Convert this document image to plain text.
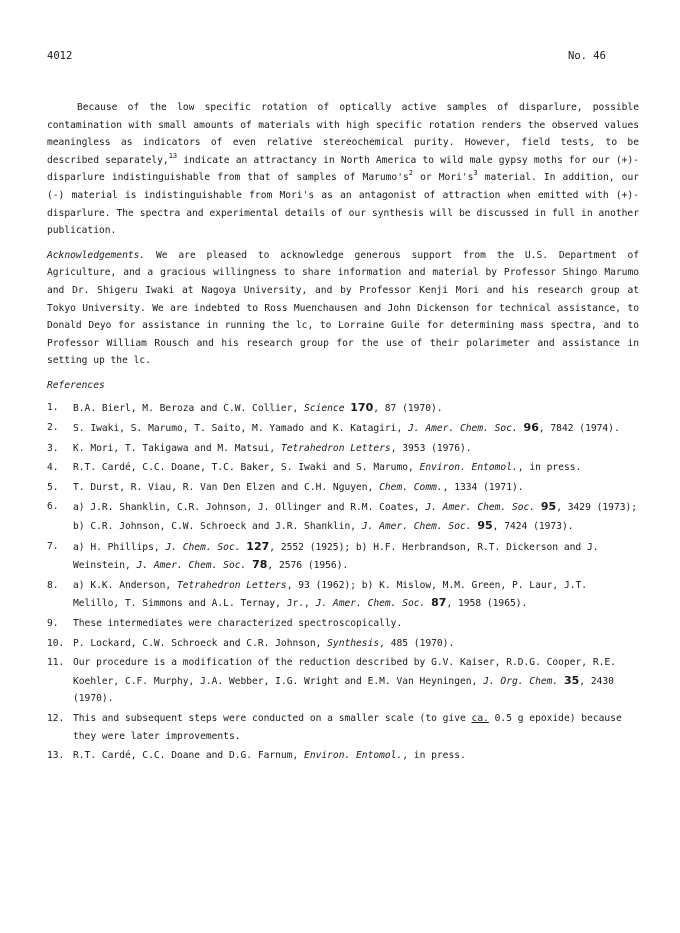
4012	No. 46

Because of the low specific rotation of optically active samples of disparlure, possible contamination with small amounts of materials with high specific rotation renders the observed values meaningless as indicators of even relative stereochemical purity. However, field tests, to be described separately,$^{13}$ indicate an attractancy in North America to wild male gypsy moths for our (+)-disparlure indistinguishable from that of samples of $Marumo's^2$ or $Mori's^3$ material. In addition, our (-) material is indistinguishable from Mori's as an antagonist of attraction when emitted with (+)-disparlure. The spectra and experimental details of our synthesis will be discussed in full in another publication.

Acknowledgements. We are pleased to acknowledge generous support from the U.S. Department of Agriculture, and a gracious willingness to share information and material by Professor Shingo Marumo and Dr. Shigeru Iwaki at Nagoya University, and by Professor Kenji Mori and his research group at Tokyo University. We are indebted to Ross Muenchausen and John Dickenson for technical assistance, to Donald Deyo for assistance in running the lc, to Lorraine Guile for determining mass spectra, and to Professor William Rousch and his research group for the use of their polarimeter and assistance in setting up the lc.

References
1. B.A. Bierl, M. Beroza and C.W. Collier, Science 170, 87 (1970).
2. S. Iwaki, S. Marumo, T. Saito, M. Yamado and K. Katagiri, J. Amer. Chem. Soc. 96, 7842 (1974).
3. K. Mori, T. Takigawa and M. Matsui, Tetrahedron Letters, 3953 (1976).
4. R.T. Cardé, C.C. Doane, T.C. Baker, S. Iwaki and S. Marumo, Environ. Entomol., in press.
5. T. Durst, R. Viau, R. Van Den Elzen and C.H. Nguyen, Chem. Comm., 1334 (1971).
6. a) J.R. Shanklin, C.R. Johnson, J. Ollinger and R.M. Coates, J. Amer. Chem. Soc. 95, 3429 (1973); b) C.R. Johnson, C.W. Schroeck and J.R. Shanklin, J. Amer. Chem. Soc. 95, 7424 (1973).
7. a) H. Phillips, J. Chem. Soc. 127, 2552 (1925); b) H.F. Herbrandson, R.T. Dickerson and J. Weinstein, J. Amer. Chem. Soc. 78, 2576 (1956).
8. a) K.K. Anderson, Tetrahedron Letters, 93 (1962); b) K. Mislow, M.M. Green, P. Laur, J.T. Melillo, T. Simmons and A.L. Ternay, Jr., J. Amer. Chem. Soc. 87, 1958 (1965).
9. These intermediates were characterized spectroscopically.
10. P. Lockard, C.W. Schroeck and C.R. Johnson, Synthesis, 485 (1970).
11. Our procedure is a modification of the reduction described by G.V. Kaiser, R.D.G. Cooper, R.E. Koehler, C.F. Murphy, J.A. Webber, I.G. Wright and E.M. Van Heyningen, J. Org. Chem. 35, 2430 (1970).
12. This and subsequent steps were conducted on a smaller scale (to give ca. 0.5 g epoxide) because they were later improvements.
13. R.T. Cardé, C.C. Doane and D.G. Farnum, Environ. Entomol., in press.
